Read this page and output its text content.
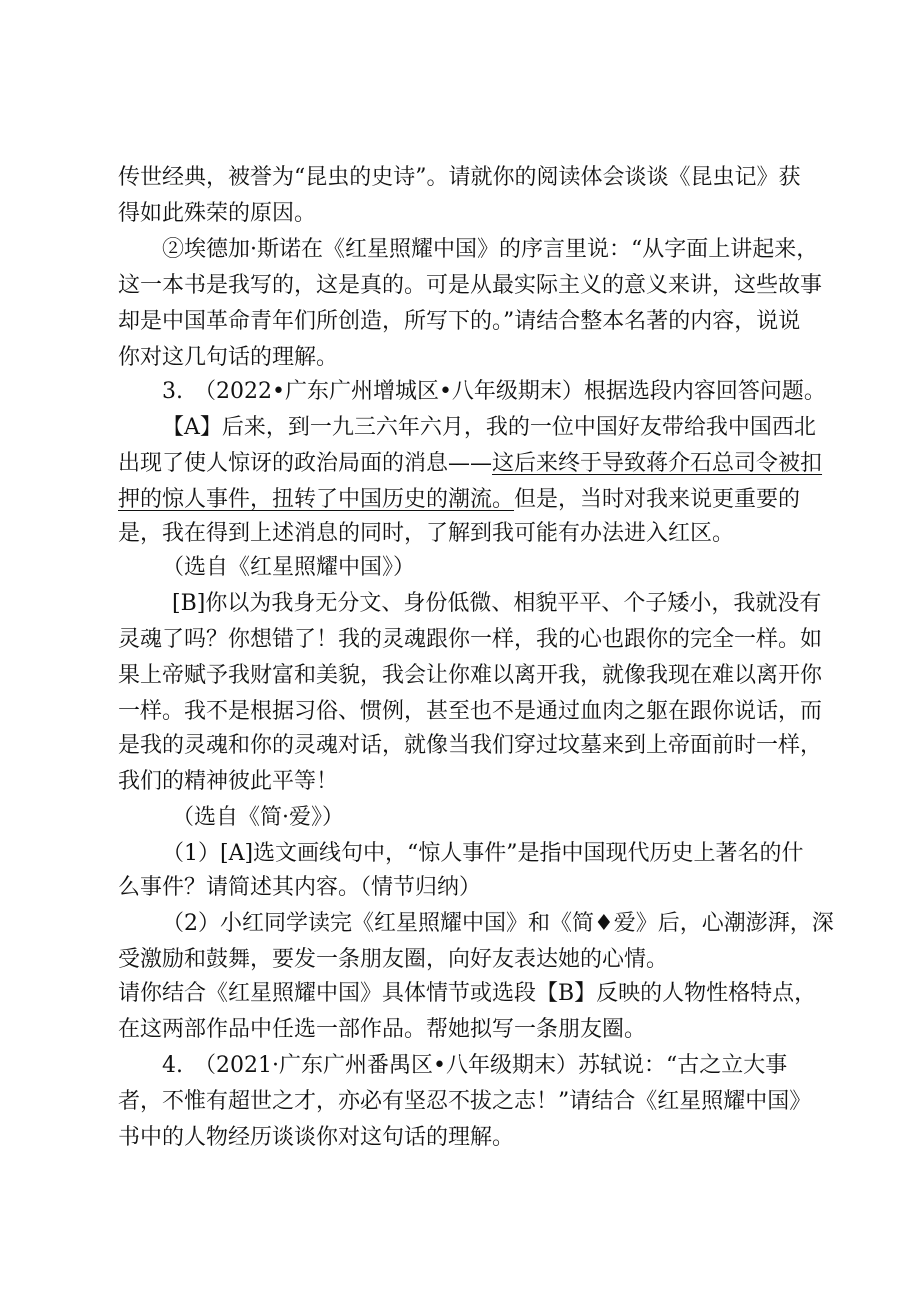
传世经典，被誉为“昆虫的史诗”。请就你的阅读体会谈谈《昆虫记》获

得如此殊荣的原因。

②埃德加·斯诺在《红星照耀中国》的序言里说：“从字面上讲起来，

这一本书是我写的，这是真的。可是从最实际主义的意义来讲，这些故事

却是中国革命青年们所创造，所写下的。”请结合整本名著的内容，说说

你对这几句话的理解。

3.　（2022•广东广州增城区•八年级期末）根据选段内容回答问题。

【A】后来，到一九三六年六月，我的一位中国好友带给我中国西北

出现了使人惊讶的政治局面的消息——这后来终于导致蒋介石总司令被扣

押的惊人事件，扭转了中国历史的潮流。但是，当时对我来说更重要的

是，我在得到上述消息的同时，了解到我可能有办法进入红区。

（选自《红星照耀中国》）

[B]你以为我身无分文、身份低微、相貌平平、个子矮小，我就没有

灵魂了吗？你想错了！我的灵魂跟你一样，我的心也跟你的完全一样。如

果上帝赋予我财富和美貌，我会让你难以离开我，就像我现在难以离开你

一样。我不是根据习俗、惯例，甚至也不是通过血肉之躯在跟你说话，而

是我的灵魂和你的灵魂对话，就像当我们穿过坟墓来到上帝面前时一样，

我们的精神彼此平等！

（选自《简·爱》）

（1）[A]选文画线句中，“惊人事件”是指中国现代历史上著名的什

么事件？请简述其内容。（情节归纳）

（2）小红同学读完《红星照耀中国》和《简♦爱》后，心潮澎湃，深

受激励和鼓舞，要发一条朋友圈，向好友表达她的心情。

请你结合《红星照耀中国》具体情节或选段【B】反映的人物性格特点，

在这两部作品中任选一部作品。帮她拟写一条朋友圈。

4.　（2021·广东广州番禺区•八年级期末）苏轼说：“古之立大事

者，不惟有超世之才，亦必有坚忍不拔之志！”请结合《红星照耀中国》

书中的人物经历谈谈你对这句话的理解。
